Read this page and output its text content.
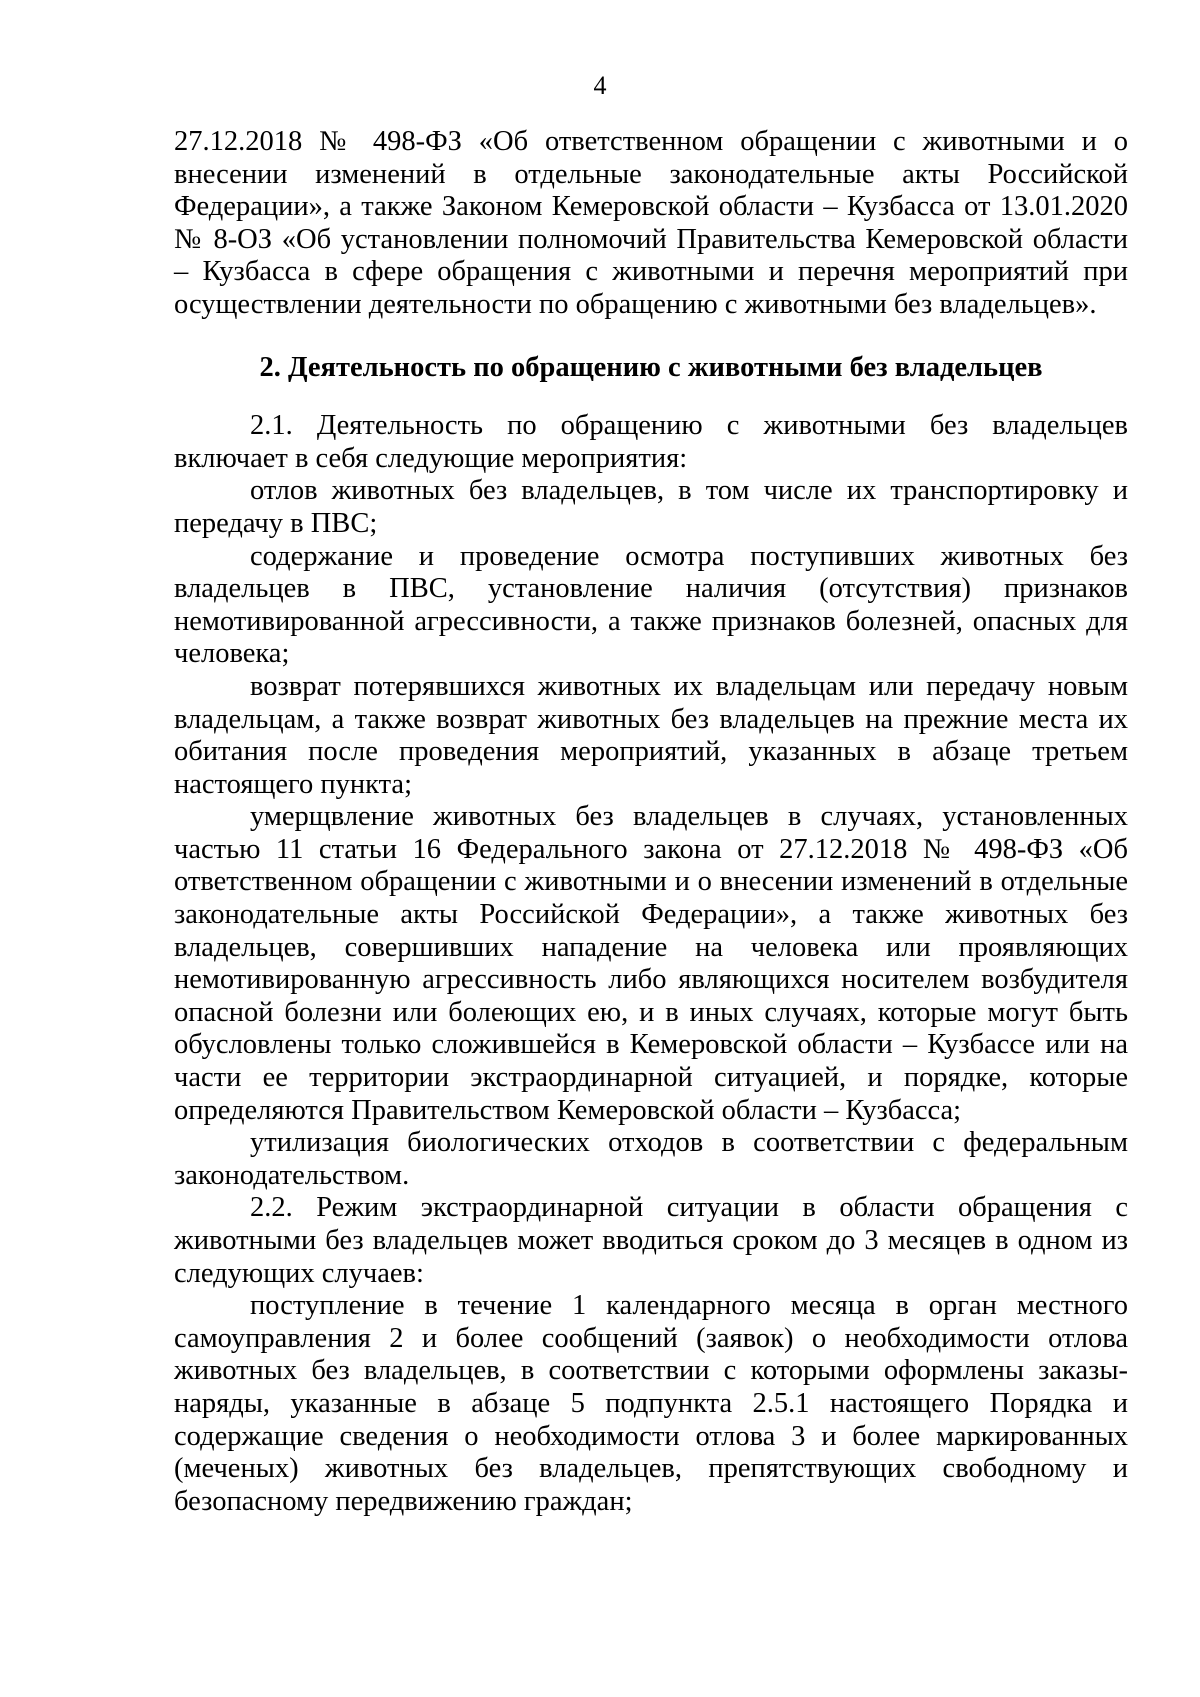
4

27.12.2018 № 498-ФЗ «Об ответственном обращении с животными и о внесении изменений в отдельные законодательные акты Российской Федерации», а также Законом Кемеровской области – Кузбасса от 13.01.2020 № 8-ОЗ «Об установлении полномочий Правительства Кемеровской области – Кузбасса в сфере обращения с животными и перечня мероприятий при осуществлении деятельности по обращению с животными без владельцев».

2. Деятельность по обращению с животными без владельцев

2.1. Деятельность по обращению с животными без владельцев включает в себя следующие мероприятия:

отлов животных без владельцев, в том числе их транспортировку и передачу в ПВС;

содержание и проведение осмотра поступивших животных без владельцев в ПВС, установление наличия (отсутствия) признаков немотивированной агрессивности, а также признаков болезней, опасных для человека;

возврат потерявшихся животных их владельцам или передачу новым владельцам, а также возврат животных без владельцев на прежние места их обитания после проведения мероприятий, указанных в абзаце третьем настоящего пункта;

умерщвление животных без владельцев в случаях, установленных частью 11 статьи 16 Федерального закона от 27.12.2018 № 498-ФЗ «Об ответственном обращении с животными и о внесении изменений в отдельные законодательные акты Российской Федерации», а также животных без владельцев, совершивших нападение на человека или проявляющих немотивированную агрессивность либо являющихся носителем возбудителя опасной болезни или болеющих ею, и в иных случаях, которые могут быть обусловлены только сложившейся в Кемеровской области – Кузбассе или на части ее территории экстраординарной ситуацией, и порядке, которые определяются Правительством Кемеровской области – Кузбасса;

утилизация биологических отходов в соответствии с федеральным законодательством.

2.2. Режим экстраординарной ситуации в области обращения с животными без владельцев может вводиться сроком до 3 месяцев в одном из следующих случаев:

поступление в течение 1 календарного месяца в орган местного самоуправления 2 и более сообщений (заявок) о необходимости отлова животных без владельцев, в соответствии с которыми оформлены заказы-наряды, указанные в абзаце 5 подпункта 2.5.1 настоящего Порядка и содержащие сведения о необходимости отлова 3 и более маркированных (меченых) животных без владельцев, препятствующих свободному и безопасному передвижению граждан;
